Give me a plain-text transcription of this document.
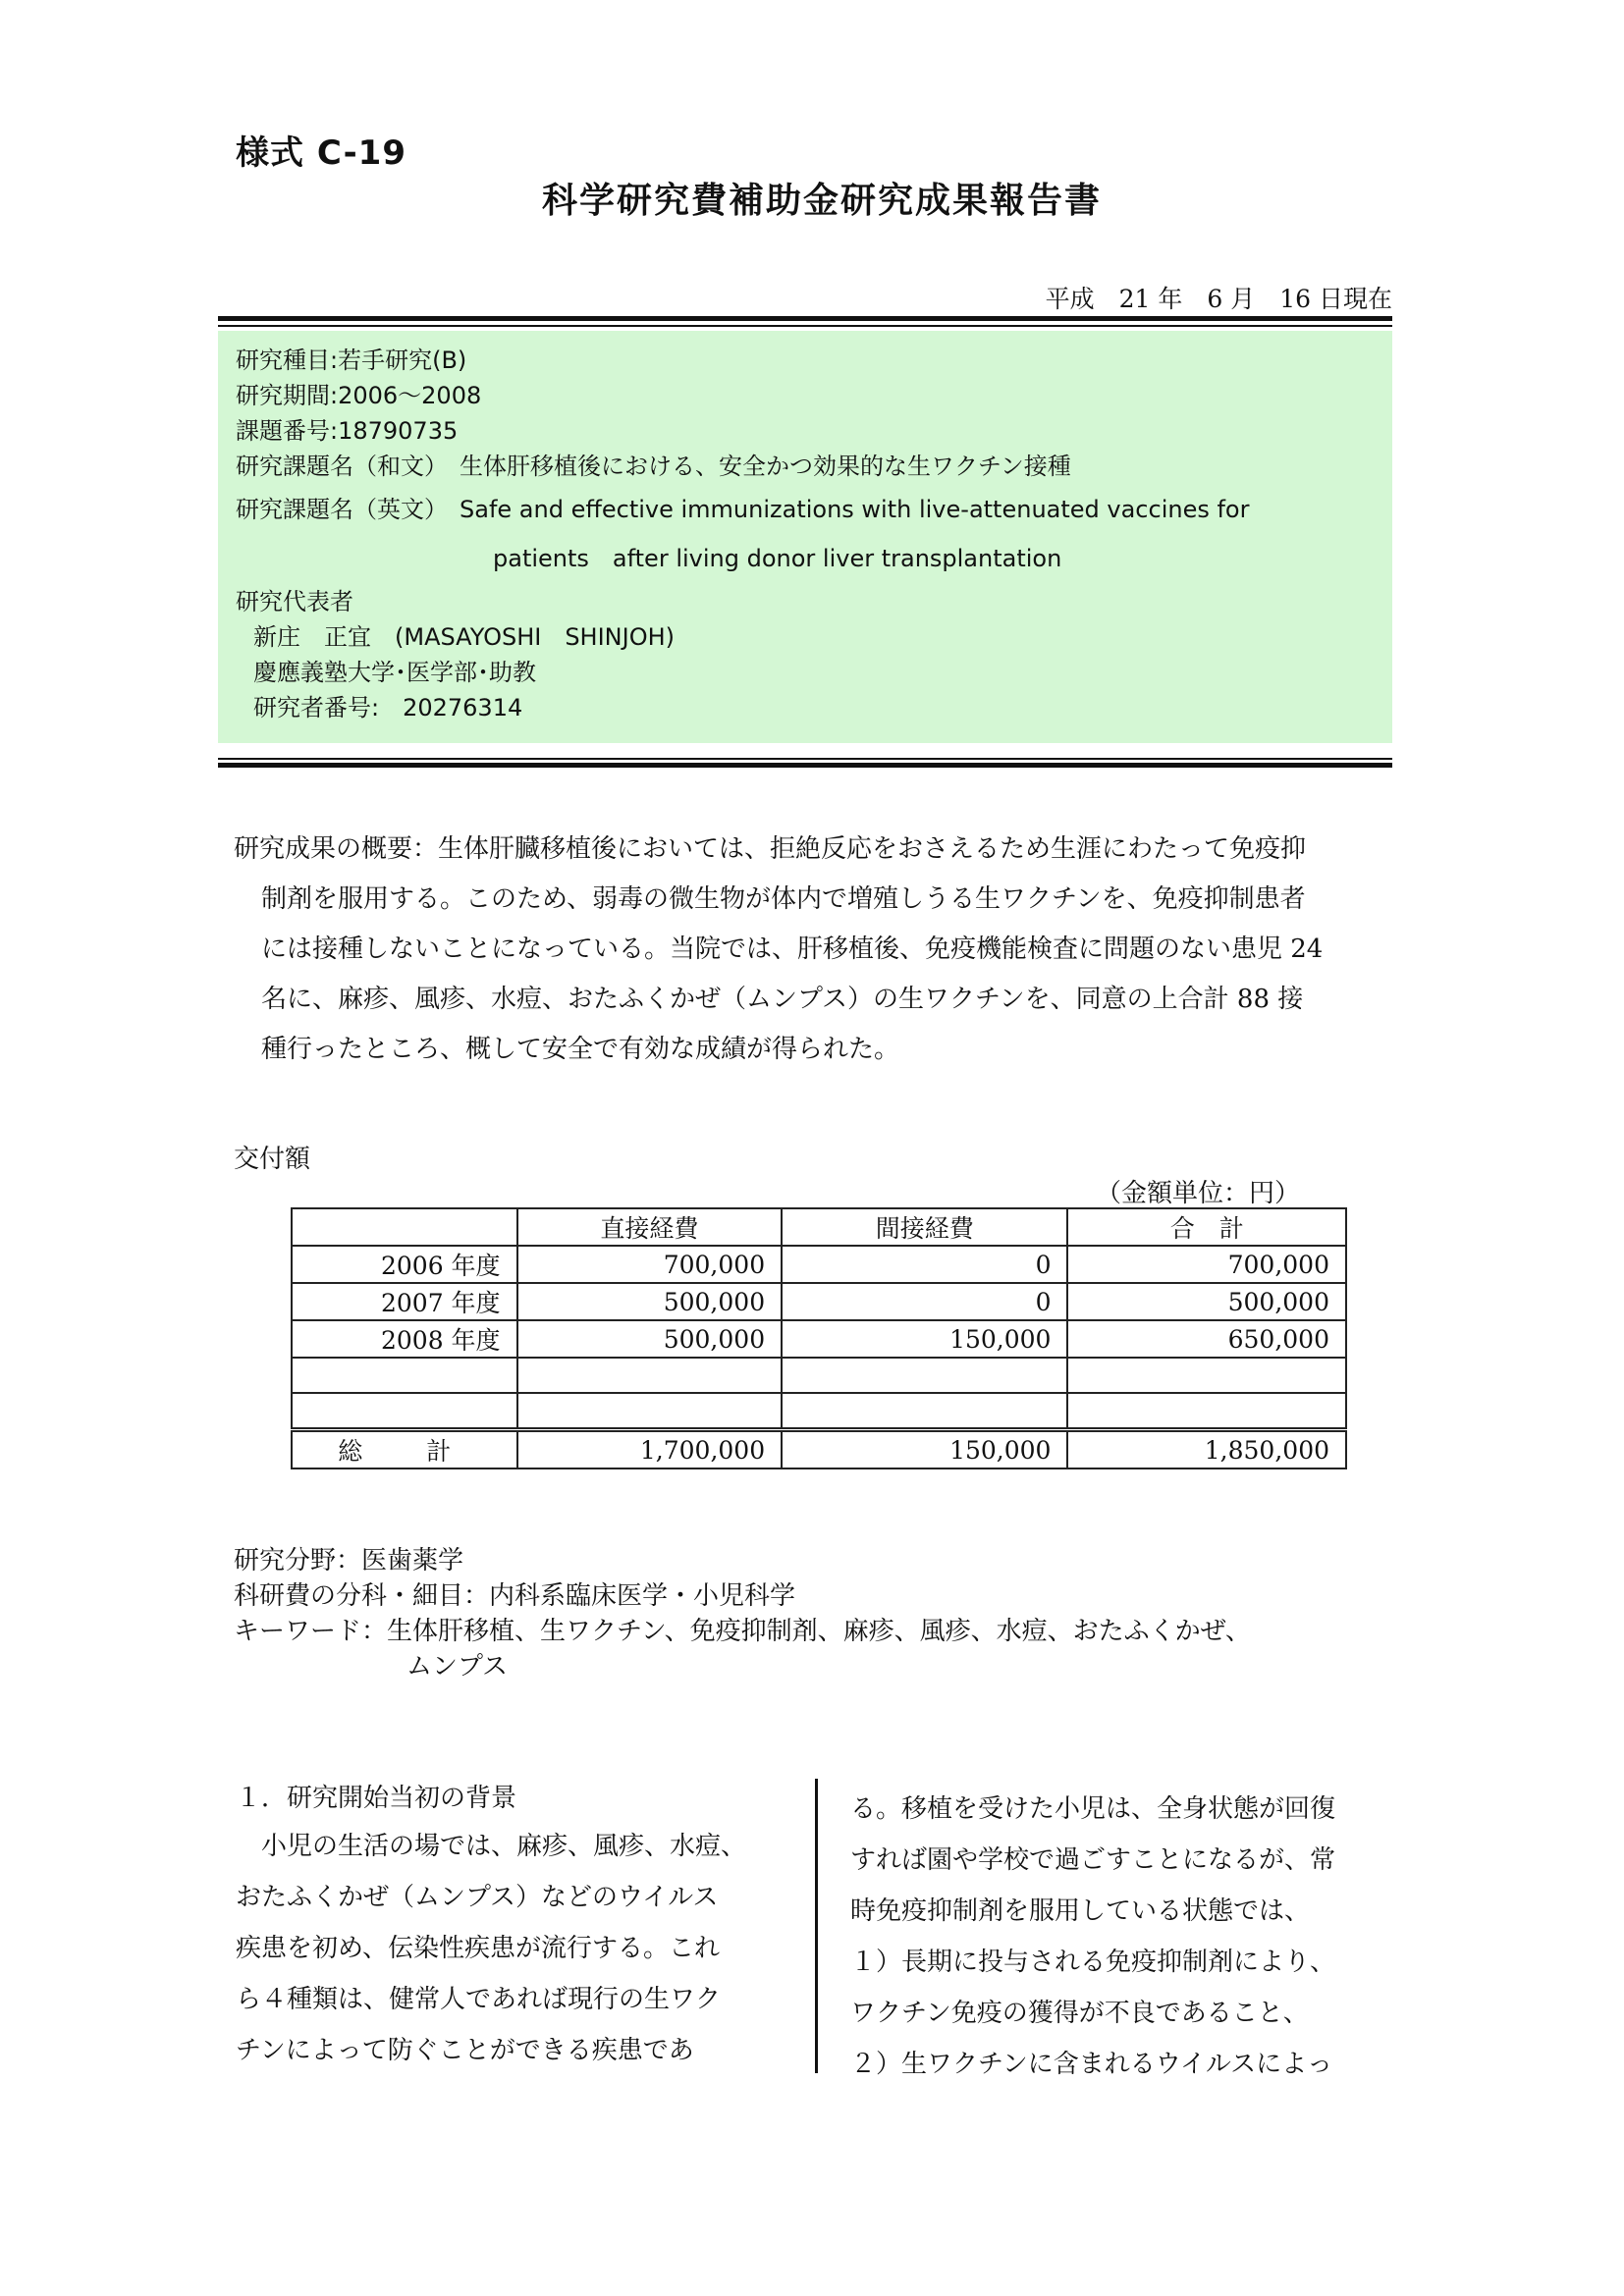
様式 C-19
科学研究費補助金研究成果報告書
平成　21 年　6 月　16 日現在
研究種目:若手研究(B)
研究期間:2006～2008
課題番号:18790735
研究課題名（和文）　生体肝移植後における、安全かつ効果的な生ワクチン接種
研究課題名（英文）　Safe and effective immunizations with live-attenuated vaccines for
patients　after living donor liver transplantation
研究代表者
新庄　正宜　(MASAYOSHI　SHINJOH)
慶應義塾大学･医学部･助教
研究者番号:　20276314
研究成果の概要：生体肝臓移植後においては、拒絶反応をおさえるため生涯にわたって免疫抑
制剤を服用する。このため、弱毒の微生物が体内で増殖しうる生ワクチンを、免疫抑制患者
には接種しないことになっている。当院では、肝移植後、免疫機能検査に問題のない患児 24
名に、麻疹、風疹、水痘、おたふくかぜ（ムンプス）の生ワクチンを、同意の上合計 88 接
種行ったところ、概して安全で有効な成績が得られた。
交付額
（金額単位：円）
	直接経費	間接経費	合　計
2006 年度	700,000	0	700,000
2007 年度	500,000	0	500,000
2008 年度	500,000	150,000	650,000

総　計	1,700,000	150,000	1,850,000
研究分野：医歯薬学
科研費の分科・細目：内科系臨床医学・小児科学
キーワード：生体肝移植、生ワクチン、免疫抑制剤、麻疹、風疹、水痘、おたふくかぜ、
ムンプス
１．研究開始当初の背景
　小児の生活の場では、麻疹、風疹、水痘、
おたふくかぜ（ムンプス）などのウイルス
疾患を初め、伝染性疾患が流行する。これ
ら４種類は、健常人であれば現行の生ワク
チンによって防ぐことができる疾患であ
る。移植を受けた小児は、全身状態が回復
すれば園や学校で過ごすことになるが、常
時免疫抑制剤を服用している状態では、
１）長期に投与される免疫抑制剤により、
ワクチン免疫の獲得が不良であること、
２）生ワクチンに含まれるウイルスによっ
